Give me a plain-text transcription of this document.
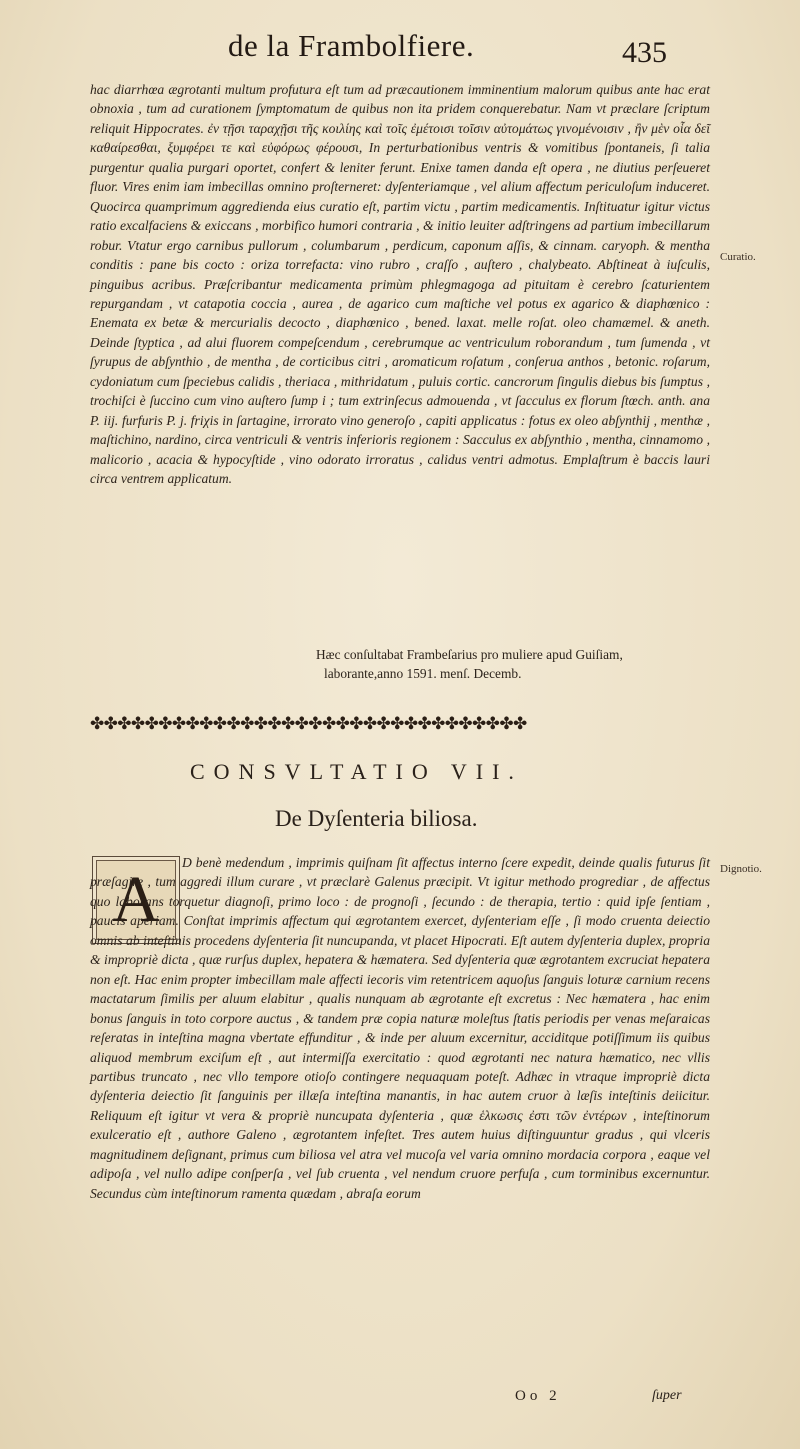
de la Frambolfiere.	435

hac diarrhœa ægrotanti multum profutura eſt tum ad præcautionem imminentium malorum quibus ante hac erat obnoxia , tum ad curationem ſymptomatum de quibus non ita pridem conquerebatur. Nam vt præclare ſcriptum reliquit Hippocrates. ἐν τῇσι ταραχῇσι τῆς κοιλίης καὶ τοῖς ἐμέτοισι τοῖσιν αὐτομάτως γινομένοισιν , ἢν μὲν οἷα δεῖ καθαίρεσθαι, ξυμφέρει τε καὶ εὐφόρως φέρουσι, In perturbationibus ventris & vomitibus ſpontaneis, ſi talia purgentur qualia purgari oportet, confert & leniter ferunt. Enixe tamen danda eſt opera , ne diutius perſeueret fluor. Vires enim iam imbecillas omnino proſterneret: dyſenteriamque , vel alium affectum periculoſum induceret. Quocirca quamprimum aggredienda eius curatio eſt, partim victu , partim medicamentis. Inſtituatur igitur victus ratio excalfaciens & exiccans , morbifico humori contraria , & initio leuiter adſtringens ad partium imbecillarum robur. Vtatur ergo carnibus pullorum , columbarum , perdicum, caponum aſſis, & cinnam. caryoph. & mentha conditis : pane bis cocto : oriza torrefacta: vino rubro , craſſo , auſtero , chalybeato. Abſtineat à iuſculis, pinguibus acribus. Præſcribantur medicamenta primùm phlegmagoga ad pituitam è cerebro ſcaturientem repurgandam , vt catapotia coccia , aurea , de agarico cum maſtiche vel potus ex agarico & diaphœnico : Enemata ex betæ & mercurialis decocto , diaphœnico , bened. laxat. melle roſat. oleo chamæmel. & aneth. Deinde ſtyptica , ad alui fluorem compeſcendum , cerebrumque ac ventriculum roborandum , tum ſumenda , vt ſyrupus de abſynthio , de mentha , de corticibus citri , aromaticum roſatum , conſerua anthos , betonic. roſarum, cydoniatum cum ſpeciebus calidis , theriaca , mithridatum , puluis cortic. cancrorum ſingulis diebus bis ſumptus , trochiſci è ſuccino cum vino auſtero ſump i ; tum extrinſecus admouenda , vt ſacculus ex florum ſtœch. anth. ana P. iij. furfuris P. j. friχis in ſartagine, irrorato vino generoſo , capiti applicatus : fotus ex oleo abſynthij , menthæ , maſtichino, nardino, circa ventriculi & ventris inferioris regionem : Sacculus ex abſynthio , mentha, cinnamomo , malicorio , acacia & hypocyſtide , vino odorato irroratus , calidus ventri admotus. Emplaſtrum è baccis lauri circa ventrem applicatum.

Curatio.
Hæc conſultabat Frambeſarius pro muliere apud Guiſiam,
laborante,anno 1591. menſ. Decemb.
✤✤✤✤✤✤✤✤✤✤✤✤✤✤✤✤✤✤✤✤✤✤✤✤✤✤✤✤✤✤✤✤
CONSVLTATIO VII.
De Dyſenteria biliosa.
A

D benè medendum , imprimis quiſnam ſit affectus interno ſcere expedit, deinde qualis futurus ſit præſagire , tum aggredi illum curare , vt præclarè Galenus præcipit. Vt igitur methodo progrediar , de affectus quo laborans torquetur diagnoſi, primo loco : de prognoſi , ſecundo : de therapia, tertio : quid ipſe ſentiam , paucis aperiam. Conſtat imprimis affectum qui ægrotantem exercet, dyſenteriam eſſe , ſi modo cruenta deiectio omnis ab inteſtinis procedens dyſenteria ſit nuncupanda, vt placet Hipocrati. Eſt autem dyſenteria duplex, propria & impropriè dicta , quæ rurſus duplex, hepatera & hæmatera. Sed dyſenteria quæ ægrotantem excruciat hepatera non eſt. Hac enim propter imbecillam male affecti iecoris vim retentricem aquoſus ſanguis loturæ carnium recens mactatarum ſimilis per aluum elabitur , qualis nunquam ab ægrotante eſt excretus : Nec hæmatera , hac enim bonus ſanguis in toto corpore auctus , & tandem præ copia naturæ moleſtus ſtatis periodis per venas meſaraicas reſeratas in inteſtina magna vbertate effunditur , & inde per aluum excernitur, acciditque potiſſimum iis quibus aliquod membrum exciſum eſt , aut intermiſſa exercitatio : quod ægrotanti nec natura hæmatico, nec vllis partibus truncato , nec vllo tempore otioſo contingere nequaquam poteſt. Adhæc in vtraque impropriè dicta dyſenteria deiectio ſit ſanguinis per illæſa inteſtina manantis, in hac autem cruor à læſis inteſtinis deiicitur. Reliquum eſt igitur vt vera & propriè nuncupata dyſenteria , quæ ἑλκωσις ἐστι τῶν ἐντέρων , inteſtinorum exulceratio eſt , authore Galeno , ægrotantem infeſtet. Tres autem huius diſtinguuntur gradus , qui vlceris magnitudinem deſignant, primus cum biliosa vel atra vel mucoſa vel varia omnino mordacia corpora , eaque vel adipoſa , vel nullo adipe conſperſa , vel ſub cruenta , vel nendum cruore perfuſa , cum torminibus excernuntur. Secundus cùm inteſtinorum ramenta quædam , abraſa eorum

Dignotio.
Oo 2	ſuper
